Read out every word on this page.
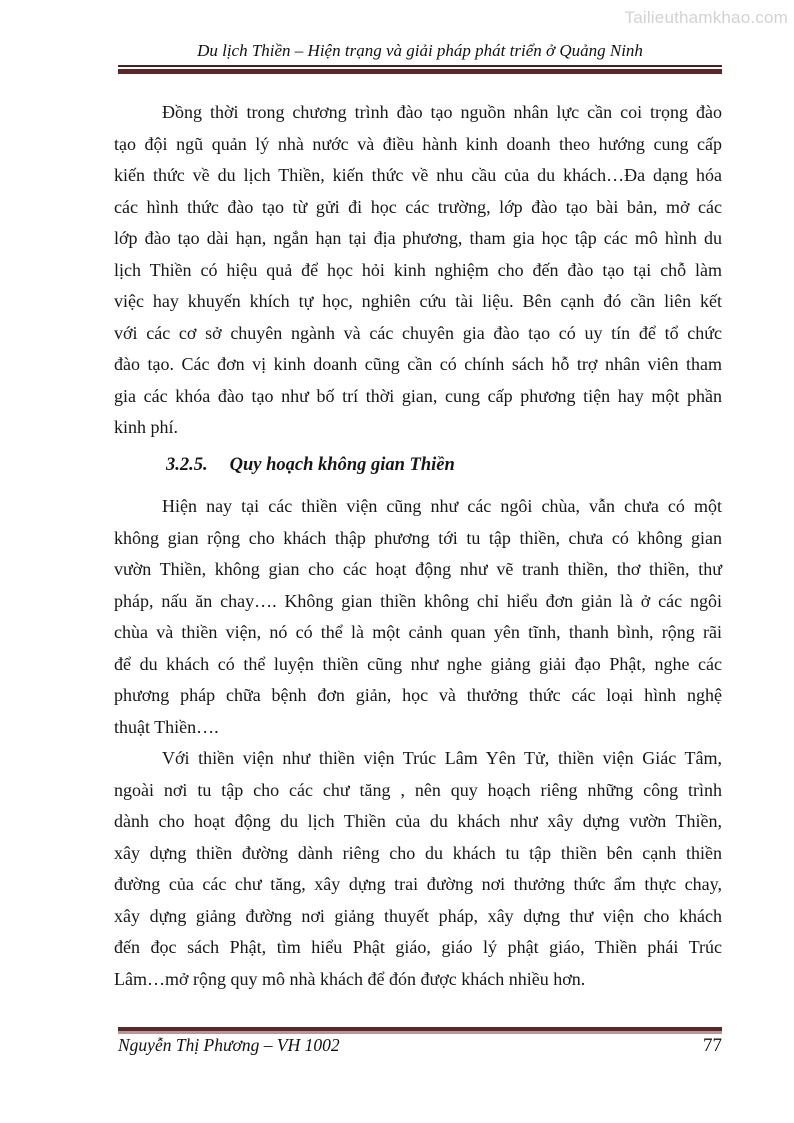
Tailieuthamkhao.com
Du lịch Thiền – Hiện trạng và giải pháp phát triển ở Quảng Ninh
Đồng thời trong chương trình đào tạo nguồn nhân lực cần coi trọng đào
tạo đội ngũ quản lý nhà nước và điều hành kinh doanh theo hướng cung cấp
kiến thức về du lịch Thiền, kiến thức về nhu cầu của du khách…Đa dạng hóa
các hình thức đào tạo từ gửi đi học các trường, lớp đào tạo bài bản, mở các
lớp đào tạo dài hạn, ngắn hạn tại địa phương, tham gia học tập các mô hình du
lịch Thiền có hiệu quả để học hỏi kinh nghiệm cho đến đào tạo tại chỗ làm
việc hay khuyến khích tự học, nghiên cứu tài liệu. Bên cạnh đó cần liên kết
với các cơ sở chuyên ngành và các chuyên gia đào tạo có uy tín để tổ chức
đào tạo. Các đơn vị kinh doanh cũng cần có chính sách hỗ trợ nhân viên tham
gia các khóa đào tạo như bố trí thời gian, cung cấp phương tiện hay một phần
kinh phí.
3.2.5. Quy hoạch không gian Thiền
Hiện nay tại các thiền viện cũng như các ngôi chùa, vẫn chưa có một
không gian rộng cho khách thập phương tới tu tập thiền, chưa có không gian
vườn Thiền, không gian cho các hoạt động như vẽ tranh thiền, thơ thiền, thư
pháp, nấu ăn chay…. Không gian thiền không chỉ hiểu đơn giản là ở các ngôi
chùa và thiền viện, nó có thể là một cảnh quan yên tĩnh, thanh bình, rộng rãi
để du khách có thể luyện thiền cũng như nghe giảng giải đạo Phật, nghe các
phương pháp chữa bệnh đơn giản, học và thưởng thức các loại hình nghệ
thuật Thiền….
Với thiền viện như thiền viện Trúc Lâm Yên Tử, thiền viện Giác Tâm,
ngoài nơi tu tập cho các chư tăng , nên quy hoạch riêng những công trình
dành cho hoạt động du lịch Thiền của du khách như xây dựng vườn Thiền,
xây dựng thiền đường dành riêng cho du khách tu tập thiền bên cạnh thiền
đường của các chư tăng, xây dựng trai đường nơi thưởng thức ẩm thực chay,
xây dựng giảng đường nơi giảng thuyết pháp, xây dựng thư viện cho khách
đến đọc sách Phật, tìm hiểu Phật giáo, giáo lý phật giáo, Thiền phái Trúc
Lâm…mở rộng quy mô nhà khách để đón được khách nhiều hơn.
Nguyễn Thị Phương – VH 1002	77
